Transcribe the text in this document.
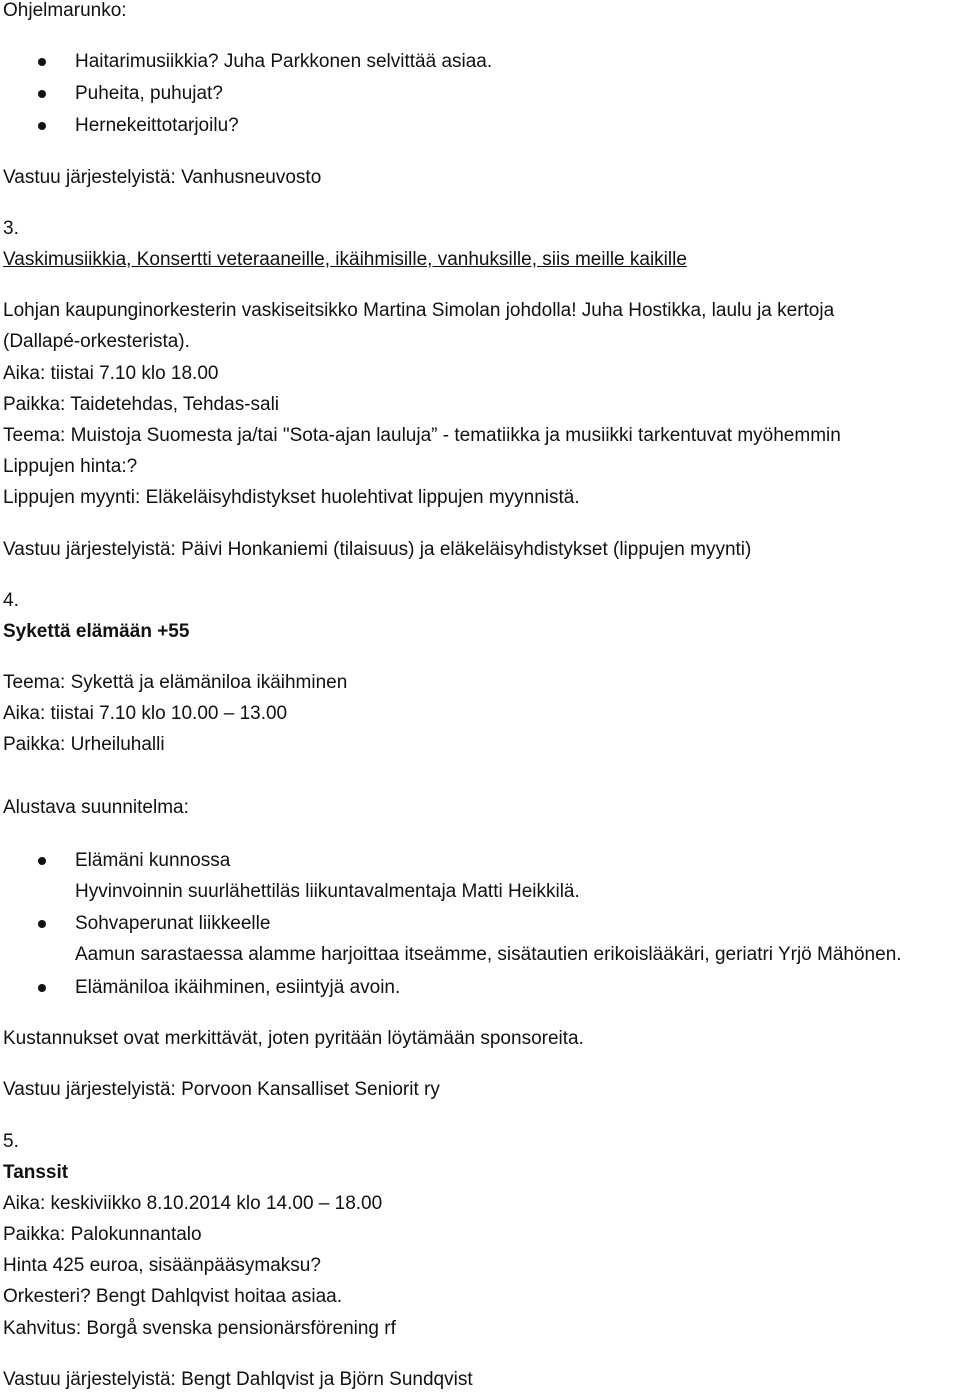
Ohjelmarunko:
Haitarimusiikkia? Juha Parkkonen selvittää asiaa.
Puheita, puhujat?
Hernekeittotarjoilu?
Vastuu järjestelyistä: Vanhusneuvosto
3.
Vaskimusiikkia, Konsertti veteraaneille, ikäihmisille, vanhuksille, siis meille kaikille
Lohjan kaupunginorkesterin vaskiseitsikko Martina Simolan johdolla! Juha Hostikka, laulu ja kertoja
(Dallapé-orkesterista).
Aika: tiistai 7.10 klo 18.00
Paikka: Taidetehdas, Tehdas-sali
Teema: Muistoja Suomesta ja/tai "Sota-ajan lauluja” - tematiikka ja musiikki tarkentuvat myöhemmin
Lippujen hinta:?
Lippujen myynti: Eläkeläisyhdistykset huolehtivat lippujen myynnistä.
Vastuu järjestelyistä: Päivi Honkaniemi (tilaisuus) ja eläkeläisyhdistykset (lippujen myynti)
4.
Sykettä elämään +55
Teema: Sykettä ja elämäniloa ikäihminen
Aika: tiistai 7.10 klo 10.00 – 13.00
Paikka: Urheiluhalli
Alustava suunnitelma:
Elämäni kunnossa
Hyvinvoinnin suurlähettiläs liikuntavalmentaja Matti Heikkilä.
Sohvaperunat liikkeelle
Aamun sarastaessa alamme harjoittaa itseämme, sisätautien erikoislääkäri, geriatri Yrjö Mähönen.
Elämäniloa ikäihminen, esiintyjä avoin.
Kustannukset ovat merkittävät, joten pyritään löytämään sponsoreita.
Vastuu järjestelyistä: Porvoon Kansalliset Seniorit ry
5.
Tanssit
Aika: keskiviikko 8.10.2014 klo 14.00 – 18.00
Paikka: Palokunnantalo
Hinta 425 euroa, sisäänpääsymaksu?
Orkesteri? Bengt Dahlqvist hoitaa asiaa.
Kahvitus: Borgå svenska pensionärsförening rf
Vastuu järjestelyistä: Bengt Dahlqvist ja Björn Sundqvist
